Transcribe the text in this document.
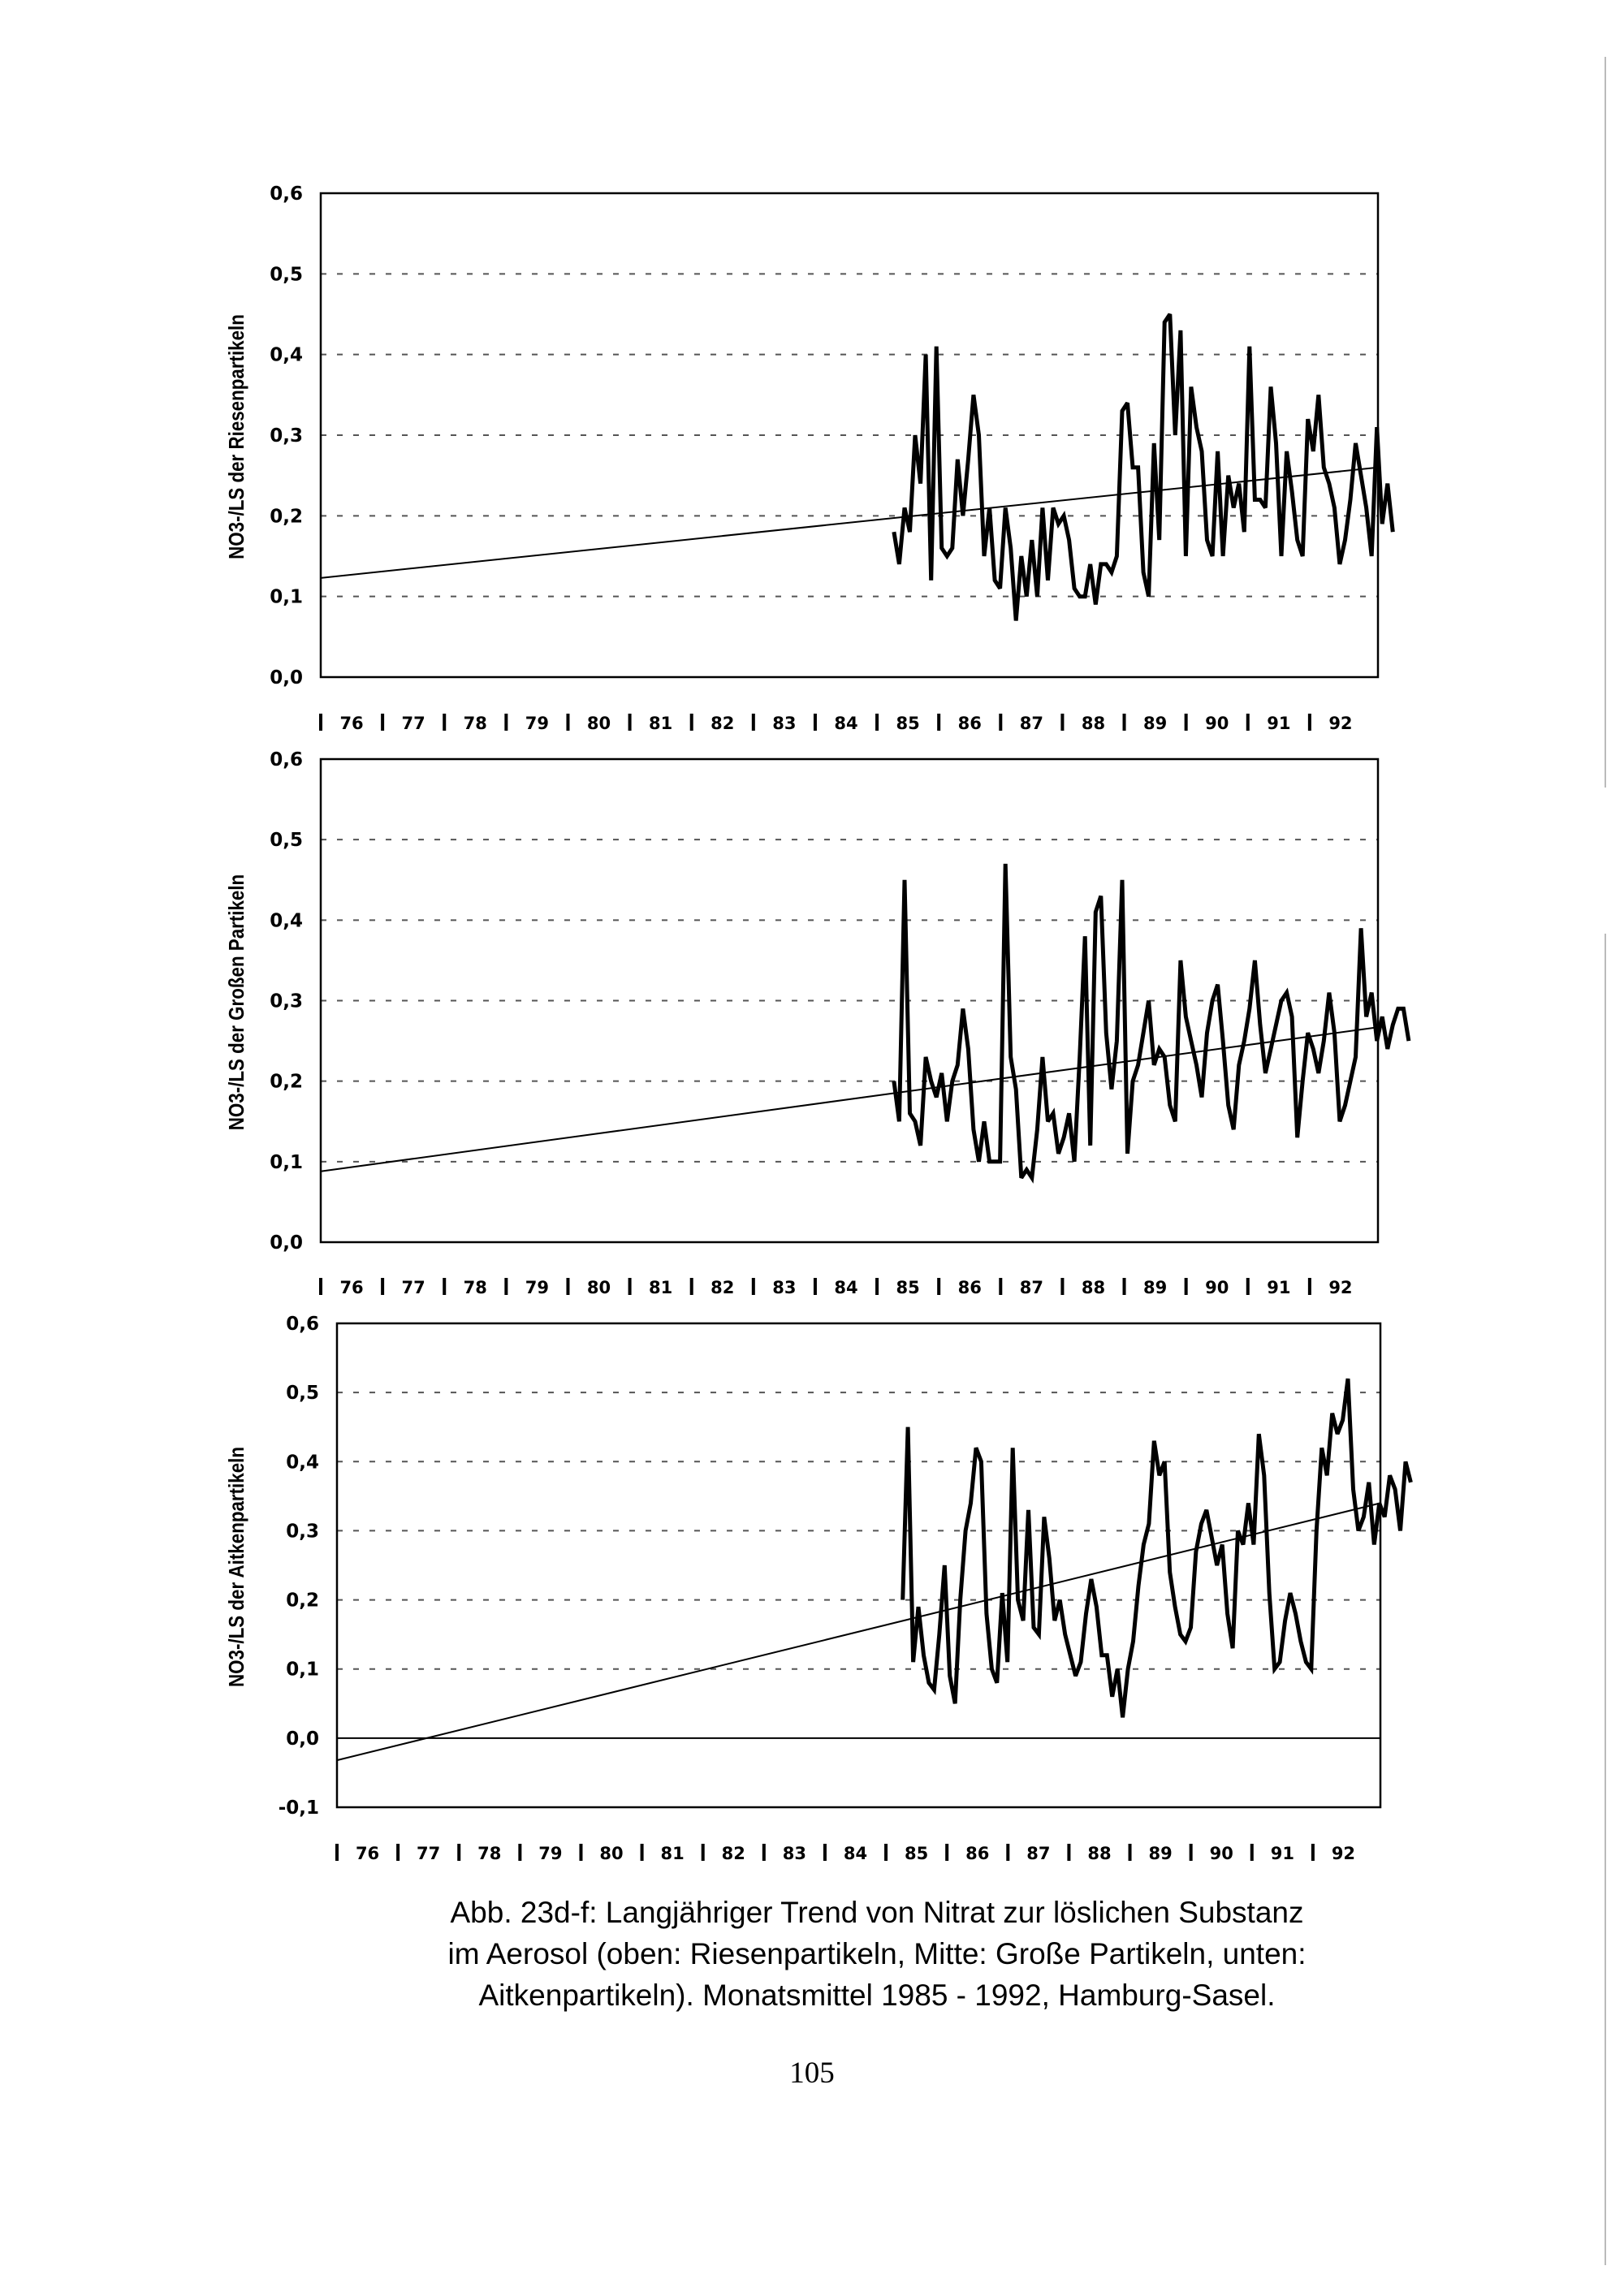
0,6
0,5
0,4
0,3
0,2
0,1
0,0
NO3-/LS der Riesenpartikeln
76 77 78 79 80 81 82 83 84 85 86 87 88 89 90 91 92
0,6
0,5
0,4
0,3
0,2
0,1
0,0
NO3-/LS der Großen Partikeln
76 77 78 79 80 81 82 83 84 85 86 87 88 89 90 91 92
0,6
0,5
0,4
0,3
0,2
0,1
0,0
-0,1
NO3-/LS der Aitkenpartikeln
76 77 78 79 80 81 82 83 84 85 86 87 88 89 90 91 92

Abb. 23d-f: Langjähriger Trend von Nitrat zur löslichen Substanz
im Aerosol (oben: Riesenpartikeln, Mitte: Große Partikeln, unten:
Aitkenpartikeln). Monatsmittel 1985 - 1992, Hamburg-Sasel.

105
